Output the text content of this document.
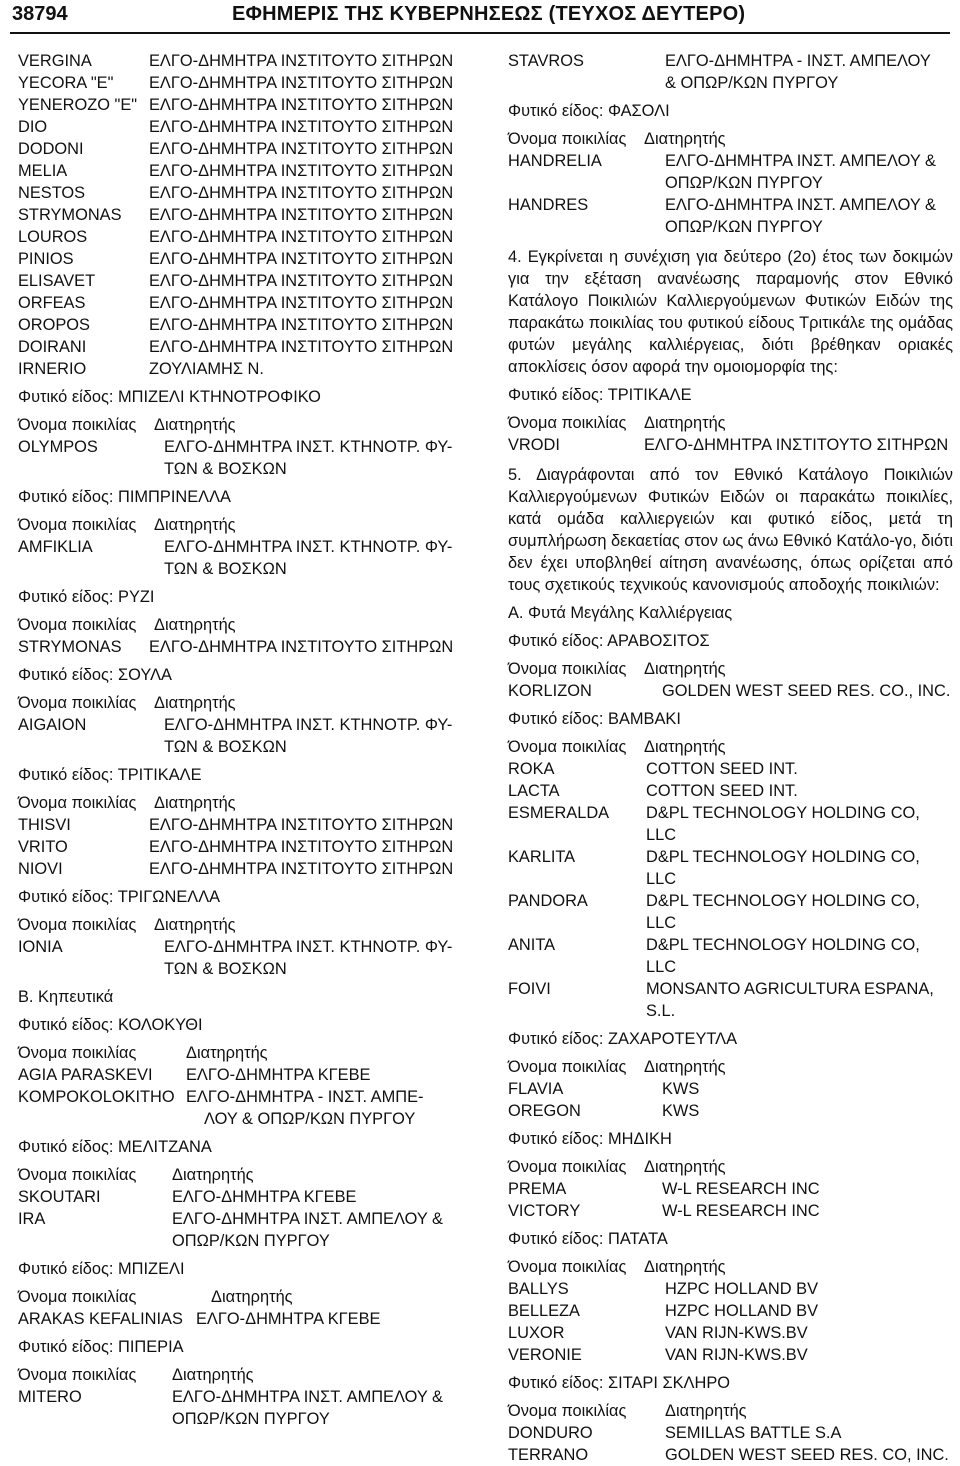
38794	ΕΦΗΜΕΡΙΣ ΤΗΣ ΚΥΒΕΡΝΗΣΕΩΣ (ΤΕΥΧΟΣ ΔΕΥΤΕΡΟ)
VERGINA	ΕΛΓΟ-ΔΗΜΗΤΡΑ ΙΝΣΤΙΤΟΥΤΟ ΣΙΤΗΡΩΝ
YECORA "E"	ΕΛΓΟ-ΔΗΜΗΤΡΑ ΙΝΣΤΙΤΟΥΤΟ ΣΙΤΗΡΩΝ
YENEROZO "E" ΕΛΓΟ-ΔΗΜΗΤΡΑ ΙΝΣΤΙΤΟΥΤΟ ΣΙΤΗΡΩΝ
DIO	ΕΛΓΟ-ΔΗΜΗΤΡΑ ΙΝΣΤΙΤΟΥΤΟ ΣΙΤΗΡΩΝ
DODONI	ΕΛΓΟ-ΔΗΜΗΤΡΑ ΙΝΣΤΙΤΟΥΤΟ ΣΙΤΗΡΩΝ
MELIA	ΕΛΓΟ-ΔΗΜΗΤΡΑ ΙΝΣΤΙΤΟΥΤΟ ΣΙΤΗΡΩΝ
NESTOS	ΕΛΓΟ-ΔΗΜΗΤΡΑ ΙΝΣΤΙΤΟΥΤΟ ΣΙΤΗΡΩΝ
STRYMONAS	ΕΛΓΟ-ΔΗΜΗΤΡΑ ΙΝΣΤΙΤΟΥΤΟ ΣΙΤΗΡΩΝ
LOUROS	ΕΛΓΟ-ΔΗΜΗΤΡΑ ΙΝΣΤΙΤΟΥΤΟ ΣΙΤΗΡΩΝ
PINIOS	ΕΛΓΟ-ΔΗΜΗΤΡΑ ΙΝΣΤΙΤΟΥΤΟ ΣΙΤΗΡΩΝ
ELISAVET	ΕΛΓΟ-ΔΗΜΗΤΡΑ ΙΝΣΤΙΤΟΥΤΟ ΣΙΤΗΡΩΝ
ORFEAS	ΕΛΓΟ-ΔΗΜΗΤΡΑ ΙΝΣΤΙΤΟΥΤΟ ΣΙΤΗΡΩΝ
OROPOS	ΕΛΓΟ-ΔΗΜΗΤΡΑ ΙΝΣΤΙΤΟΥΤΟ ΣΙΤΗΡΩΝ
DOIRANI	ΕΛΓΟ-ΔΗΜΗΤΡΑ ΙΝΣΤΙΤΟΥΤΟ ΣΙΤΗΡΩΝ
IRNERIO	ΖΟΥΛΙΑΜΗΣ Ν.
Φυτικό είδος: ΜΠΙΖΕΛΙ ΚΤΗΝΟΤΡΟΦΙΚΟ
Όνομα ποικιλίας	Διατηρητής
OLYMPOS	ΕΛΓΟ-ΔΗΜΗΤΡΑ ΙΝΣΤ. ΚΤΗΝΟΤΡ. ΦΥ-
ΤΩΝ & ΒΟΣΚΩΝ
Φυτικό είδος: ΠΙΜΠΡΙΝΕΛΛΑ
Όνομα ποικιλίας	Διατηρητής
AMFIKLIA	ΕΛΓΟ-ΔΗΜΗΤΡΑ ΙΝΣΤ. ΚΤΗΝΟΤΡ. ΦΥ-
ΤΩΝ & ΒΟΣΚΩΝ
Φυτικό είδος: ΡΥΖΙ
Όνομα ποικιλίας	Διατηρητής
STRYMONAS	ΕΛΓΟ-ΔΗΜΗΤΡΑ ΙΝΣΤΙΤΟΥΤΟ ΣΙΤΗΡΩΝ
Φυτικό είδος: ΣΟΥΛΑ
Όνομα ποικιλίας	Διατηρητής
AIGAION	ΕΛΓΟ-ΔΗΜΗΤΡΑ ΙΝΣΤ. ΚΤΗΝΟΤΡ. ΦΥ-
ΤΩΝ & ΒΟΣΚΩΝ
Φυτικό είδος: ΤΡΙΤΙΚΑΛΕ
Όνομα ποικιλίας	Διατηρητής
THISVI	ΕΛΓΟ-ΔΗΜΗΤΡΑ ΙΝΣΤΙΤΟΥΤΟ ΣΙΤΗΡΩΝ
VRITO	ΕΛΓΟ-ΔΗΜΗΤΡΑ ΙΝΣΤΙΤΟΥΤΟ ΣΙΤΗΡΩΝ
NIOVI	ΕΛΓΟ-ΔΗΜΗΤΡΑ ΙΝΣΤΙΤΟΥΤΟ ΣΙΤΗΡΩΝ
Φυτικό είδος: ΤΡΙΓΩΝΕΛΛΑ
Όνομα ποικιλίας	Διατηρητής
IONIA	ΕΛΓΟ-ΔΗΜΗΤΡΑ ΙΝΣΤ. ΚΤΗΝΟΤΡ. ΦΥ-
ΤΩΝ & ΒΟΣΚΩΝ
Β. Κηπευτικά
Φυτικό είδος: ΚΟΛΟΚΥΘΙ
Όνομα ποικιλίας	Διατηρητής
AGIA PARASKEVI	ΕΛΓΟ-ΔΗΜΗΤΡΑ ΚΓΕΒΕ
KOMPOKOLOKITHO ΕΛΓΟ-ΔΗΜΗΤΡΑ - ΙΝΣΤ. ΑΜΠΕ-
ΛΟΥ & ΟΠΩΡ/ΚΩΝ ΠΥΡΓΟΥ
Φυτικό είδος: ΜΕΛΙΤΖΑΝΑ
Όνομα ποικιλίας	Διατηρητής
SKOUTARI	ΕΛΓΟ-ΔΗΜΗΤΡΑ ΚΓΕΒΕ
IRA	ΕΛΓΟ-ΔΗΜΗΤΡΑ ΙΝΣΤ. ΑΜΠΕΛΟΥ &
ΟΠΩΡ/ΚΩΝ ΠΥΡΓΟΥ
Φυτικό είδος: ΜΠΙΖΕΛΙ
Όνομα ποικιλίας	Διατηρητής
ARAKAS KEFALINIAS ΕΛΓΟ-ΔΗΜΗΤΡΑ ΚΓΕΒΕ
Φυτικό είδος: ΠΙΠΕΡΙΑ
Όνομα ποικιλίας	Διατηρητής
MITERO	ΕΛΓΟ-ΔΗΜΗΤΡΑ ΙΝΣΤ. ΑΜΠΕΛΟΥ &
ΟΠΩΡ/ΚΩΝ ΠΥΡΓΟΥ
STAVROS	ΕΛΓΟ-ΔΗΜΗΤΡΑ - ΙΝΣΤ. ΑΜΠΕΛΟΥ
& ΟΠΩΡ/ΚΩΝ ΠΥΡΓΟΥ
Φυτικό είδος: ΦΑΣΟΛΙ
Όνομα ποικιλίας	Διατηρητής
HANDRELIA	ΕΛΓΟ-ΔΗΜΗΤΡΑ ΙΝΣΤ. ΑΜΠΕΛΟΥ &
ΟΠΩΡ/ΚΩΝ ΠΥΡΓΟΥ
HANDRES	ΕΛΓΟ-ΔΗΜΗΤΡΑ ΙΝΣΤ. ΑΜΠΕΛΟΥ &
ΟΠΩΡ/ΚΩΝ ΠΥΡΓΟΥ
4. Εγκρίνεται η συνέχιση για δεύτερο (2ο) έτος των δοκιμών για την εξέταση ανανέωσης παραμονής στον Εθνικό Κατάλογο Ποικιλιών Καλλιεργούμενων Φυτικών Ειδών της παρακάτω ποικιλίας του φυτικού είδους Τριτικάλε της ομάδας φυτών μεγάλης καλλιέργειας, διότι βρέθηκαν οριακές αποκλίσεις όσον αφορά την ομοιομορφία της:
Φυτικό είδος: ΤΡΙΤΙΚΑΛΕ
Όνομα ποικιλίας	Διατηρητής
VRODI	ΕΛΓΟ-ΔΗΜΗΤΡΑ ΙΝΣΤΙΤΟΥΤΟ ΣΙΤΗΡΩΝ
5. Διαγράφονται από τον Εθνικό Κατάλογο Ποικιλιών Καλλιεργούμενων Φυτικών Ειδών οι παρακάτω ποικιλίες, κατά ομάδα καλλιεργειών και φυτικό είδος, μετά τη συμπλήρωση δεκαετίας στον ως άνω Εθνικό Κατάλο-γο, διότι δεν έχει υποβληθεί αίτηση ανανέωσης, όπως ορίζεται από τους σχετικούς τεχνικούς κανονισμούς αποδοχής ποικιλιών:
Α. Φυτά Μεγάλης Καλλιέργειας
Φυτικό είδος: ΑΡΑΒΟΣΙΤΟΣ
Όνομα ποικιλίας	Διατηρητής
KORLIZON	GOLDEN WEST SEED RES. CO., INC.
Φυτικό είδος: ΒΑΜΒΑΚΙ
Όνομα ποικιλίας	Διατηρητής
ROKA	COTTON SEED INT.
LACTA	COTTON SEED INT.
ESMERALDA	D&PL TECHNOLOGY HOLDING CO, LLC
KARLITA	D&PL TECHNOLOGY HOLDING CO, LLC
PANDORA	D&PL TECHNOLOGY HOLDING CO, LLC
ANITA	D&PL TECHNOLOGY HOLDING CO, LLC
FOIVI	MONSANTO AGRICULTURA ESPANA, S.L.
Φυτικό είδος: ΖΑΧΑΡΟΤΕΥΤΛΑ
Όνομα ποικιλίας	Διατηρητής
FLAVIA	KWS
OREGON	KWS
Φυτικό είδος: ΜΗΔΙΚΗ
Όνομα ποικιλίας	Διατηρητής
PREMA	W-L RESEARCH INC
VICTORY	W-L RESEARCH INC
Φυτικό είδος: ΠΑΤΑΤΑ
Όνομα ποικιλίας	Διατηρητής
BALLYS	HZPC HOLLAND BV
BELLEZA	HZPC HOLLAND BV
LUXOR	VAN RIJN-KWS.BV
VERONIE	VAN RIJN-KWS.BV
Φυτικό είδος: ΣΙΤΑΡΙ ΣΚΛΗΡΟ
Όνομα ποικιλίας	Διατηρητής
DONDURO	SEMILLAS BATTLE S.A
TERRANO	GOLDEN WEST SEED RES. CO, INC.
